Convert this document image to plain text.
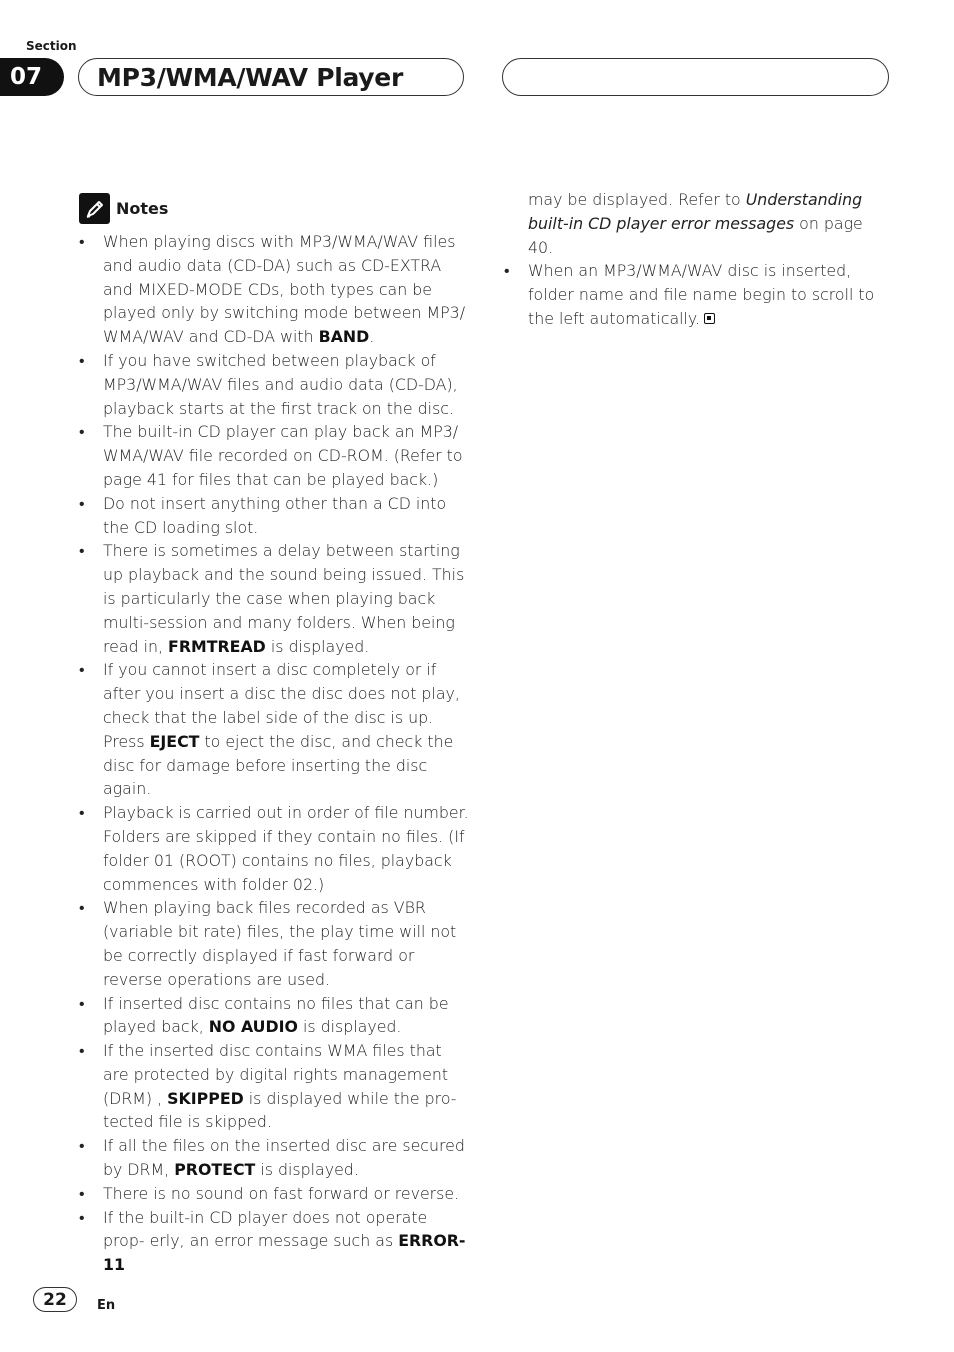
Section
07	MP3/WMA/WAV Player
Notes
• When playing discs with MP3/WMA/WAV files and audio data (CD-DA) such as CD-EXTRA and MIXED-MODE CDs, both types can be played only by switching mode between MP3/ WMA/WAV and CD-DA with BAND.
• If you have switched between playback of MP3/WMA/WAV files and audio data (CD-DA), playback starts at the first track on the disc.
• The built-in CD player can play back an MP3/ WMA/WAV file recorded on CD-ROM. (Refer to page 41 for files that can be played back.)
• Do not insert anything other than a CD into the CD loading slot.
• There is sometimes a delay between starting up playback and the sound being issued. This is particularly the case when playing back multi-session and many folders. When being read in, FRMTREAD is displayed.
• If you cannot insert a disc completely or if after you insert a disc the disc does not play, check that the label side of the disc is up. Press EJECT to eject the disc, and check the disc for damage before inserting the disc again.
• Playback is carried out in order of file number. Folders are skipped if they contain no files. (If folder 01 (ROOT) contains no files, playback commences with folder 02.)
• When playing back files recorded as VBR (variable bit rate) files, the play time will not be correctly displayed if fast forward or reverse operations are used.
• If inserted disc contains no files that can be played back, NO AUDIO is displayed.
• If the inserted disc contains WMA files that are protected by digital rights management (DRM) , SKIPPED is displayed while the pro- tected file is skipped.
• If all the files on the inserted disc are secured by DRM, PROTECT is displayed.
• There is no sound on fast forward or reverse.
• If the built-in CD player does not operate prop- erly, an error message such as ERROR-11
may be displayed. Refer to Understanding built-in CD player error messages on page 40.
• When an MP3/WMA/WAV disc is inserted, folder name and file name begin to scroll to the left automatically.
22	En
